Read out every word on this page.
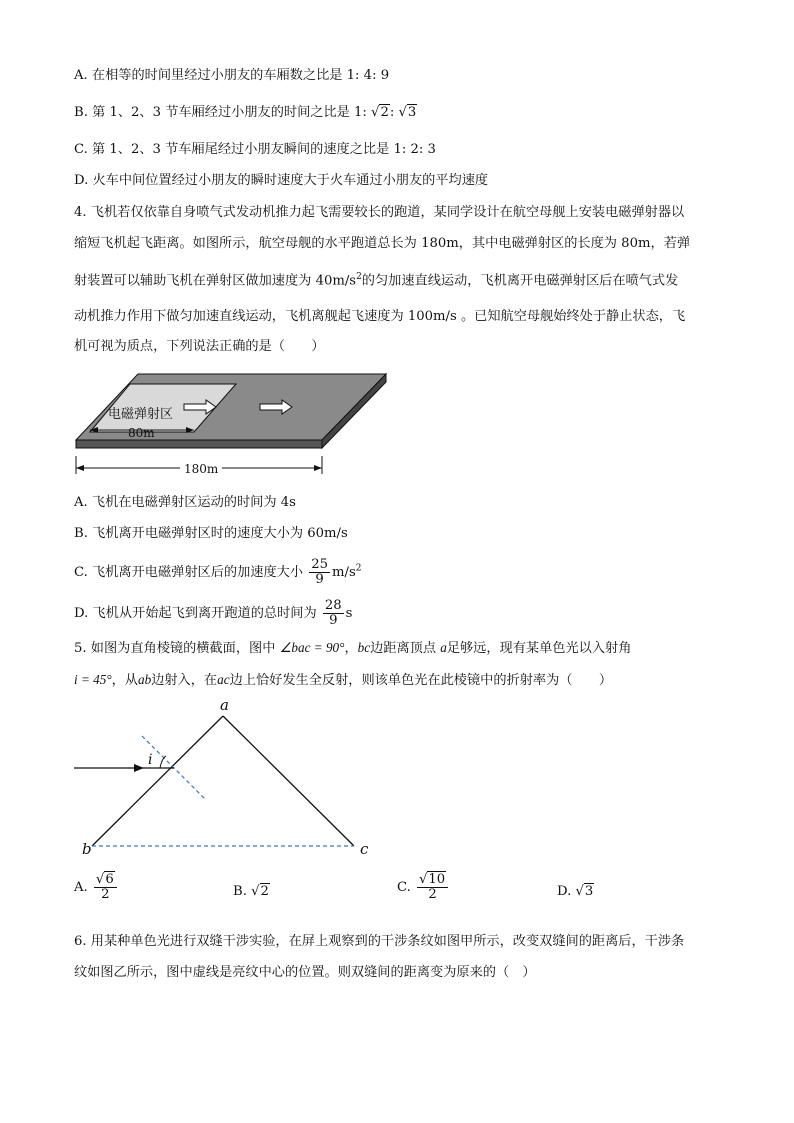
A. 在相等的时间里经过小朋友的车厢数之比是 1: 4: 9
B. 第 1、2、3 节车厢经过小朋友的时间之比是 1: √2: √3
C. 第 1、2、3 节车厢尾经过小朋友瞬间的速度之比是 1: 2: 3
D. 火车中间位置经过小朋友的瞬时速度大于火车通过小朋友的平均速度
4. 飞机若仅依靠自身喷气式发动机推力起飞需要较长的跑道，某同学设计在航空母舰上安装电磁弹射器以
缩短飞机起飞距离。如图所示，航空母舰的水平跑道总长为 180m，其中电磁弹射区的长度为 80m，若弹
射装置可以辅助飞机在弹射区做加速度为 $40m/s^2$的匀加速直线运动，飞机离开电磁弹射区后在喷气式发
动机推力作用下做匀加速直线运动，飞机离舰起飞速度为 100m/s 。已知航空母舰始终处于静止状态，飞
机可视为质点，下列说法正确的是（　　）
电磁弹射区
80m
180m
A. 飞机在电磁弹射区运动的时间为 4s
B. 飞机离开电磁弹射区时的速度大小为 60m/s
C. 飞机离开电磁弹射区后的加速度大小 $\frac{25}{9} m/s^2$
D. 飞机从开始起飞到离开跑道的总时间为 $\frac{28}{9}$ s
5. 如图为直角棱镜的横截面，图中 ∠bac = 90°，bc边距离顶点 a足够远，现有某单色光以入射角
i = 45°，从ab边射入，在ac边上恰好发生全反射，则该单色光在此棱镜中的折射率为（　　）
i
a
b	c
A. $\frac{√6}{2}$	B. √2	C. $\frac{√10}{2}$	D. √3
6. 用某种单色光进行双缝干涉实验，在屏上观察到的干涉条纹如图甲所示，改变双缝间的距离后，干涉条
纹如图乙所示，图中虚线是亮纹中心的位置。则双缝间的距离变为原来的（　）
